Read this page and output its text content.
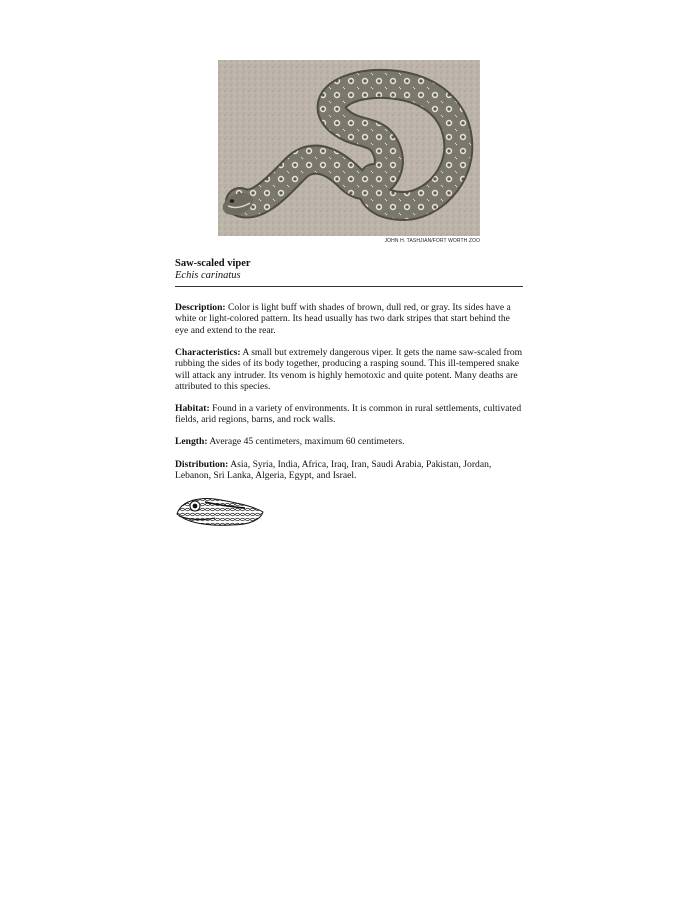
JOHN H. TASHJIAN/FORT WORTH ZOO
Saw-scaled viper
Echis carinatus
Description: Color is light buff with shades of brown, dull red, or gray. Its sides have a white or light-colored pattern. Its head usually has two dark stripes that start behind the eye and extend to the rear.
Characteristics: A small but extremely dangerous viper. It gets the name saw-scaled from rubbing the sides of its body together, producing a rasping sound. This ill-tempered snake will attack any intruder. Its venom is highly hemotoxic and quite potent. Many deaths are attributed to this species.
Habitat: Found in a variety of environments. It is common in rural settlements, cultivated fields, arid regions, barns, and rock walls.
Length: Average 45 centimeters, maximum 60 centimeters.
Distribution: Asia, Syria, India, Africa, Iraq, Iran, Saudi Arabia, Pakistan, Jordan, Lebanon, Sri Lanka, Algeria, Egypt, and Israel.
